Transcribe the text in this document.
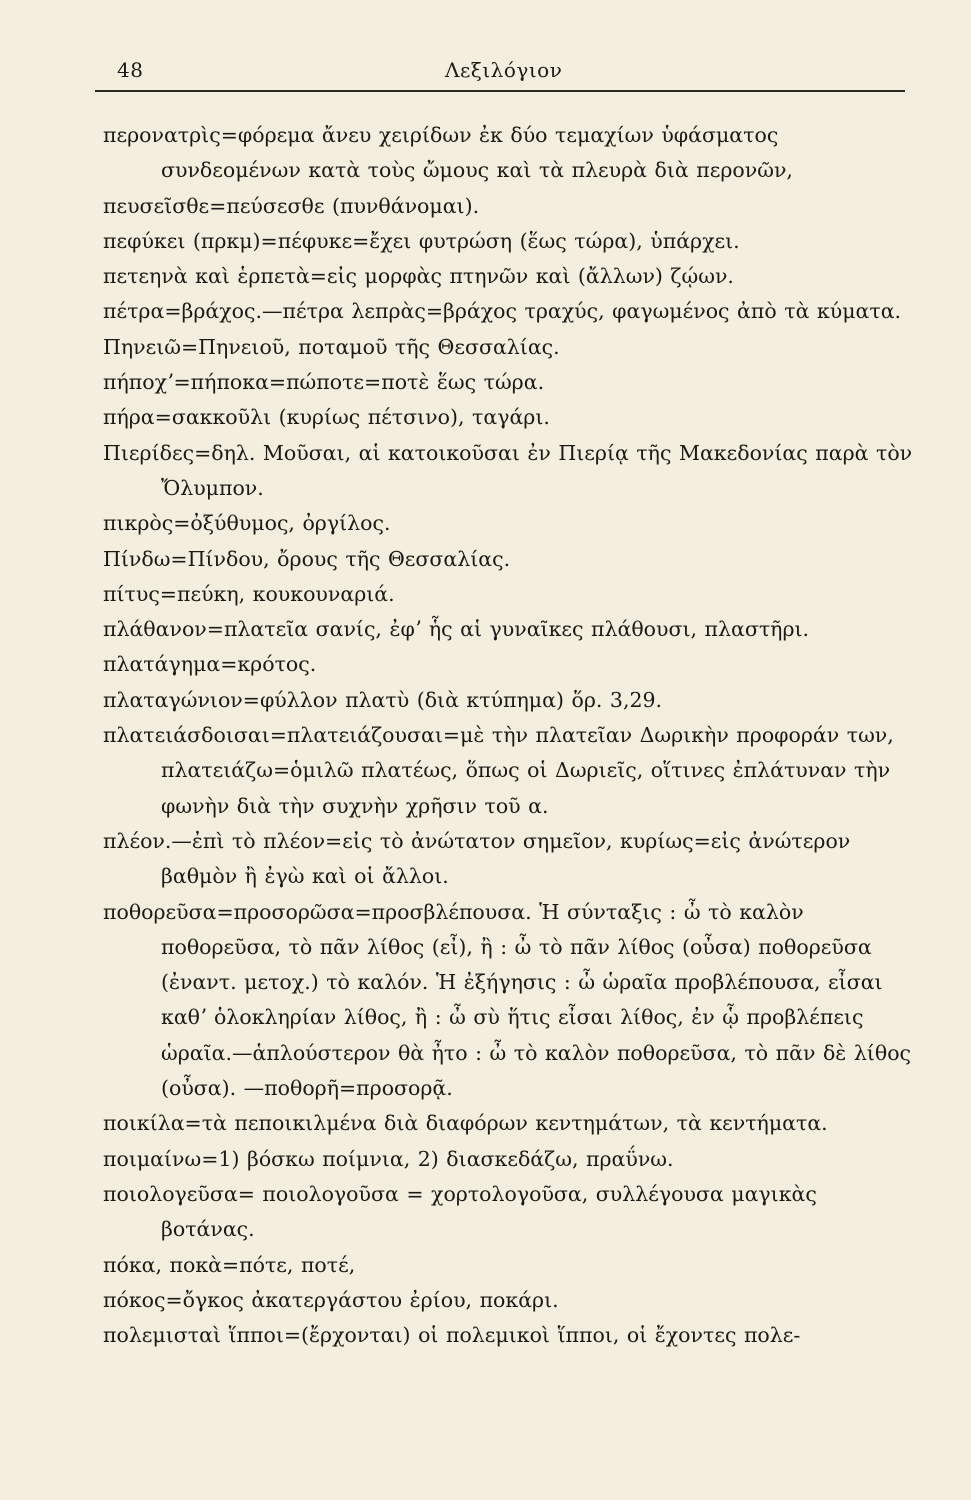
48	Λεξιλόγιον

περονατρὶς=φόρεμα ἄνευ χειρίδων ἐκ δύο τεμαχίων ὑφάσματος συνδεομένων κατὰ τοὺς ὤμους καὶ τὰ πλευρὰ διὰ περονῶν,

πευσεῖσθε=πεύσεσθε (πυνθάνομαι).

πεφύκει (πρκμ)=πέφυκε=ἔχει φυτρώση (ἕως τώρα), ὑπάρχει.

πετεηνὰ καὶ ἑρπετὰ=εἰς μορφὰς πτηνῶν καὶ (ἄλλων) ζῴων.

πέτρα=βράχος.—πέτρα λεπρὰς=βράχος τραχύς, φαγωμένος ἀπὸ τὰ κύματα.

Πηνειῶ=Πηνειοῦ, ποταμοῦ τῆς Θεσσαλίας.

πήποχʼ=πήποκα=πώποτε=ποτὲ ἕως τώρα.

πήρα=σακκοῦλι (κυρίως πέτσινο), ταγάρι.

Πιερίδες=δηλ. Μοῦσαι, αἱ κατοικοῦσαι ἐν Πιερίᾳ τῆς Μακεδονίας παρὰ τὸν Ὄλυμπον.

πικρὸς=ὀξύθυμος, ὀργίλος.

Πίνδω=Πίνδου, ὄρους τῆς Θεσσαλίας.

πίτυς=πεύκη, κουκουναριά.

πλάθανον=πλατεῖα σανίς, ἐφʼ ἧς αἱ γυναῖκες πλάθουσι, πλαστῆρι.

πλατάγημα=κρότος.

πλαταγώνιον=φύλλον πλατὺ (διὰ κτύπημα) ὅρ. 3,29.

πλατειάσδοισαι=πλατειάζουσαι=μὲ τὴν πλατεῖαν Δωρικὴν προφοράν των, πλατειάζω=ὁμιλῶ πλατέως, ὅπως οἱ Δωριεῖς, οἵτινες ἐπλάτυναν τὴν φωνὴν διὰ τὴν συχνὴν χρῆσιν τοῦ α.

πλέον.—ἐπὶ τὸ πλέον=εἰς τὸ ἀνώτατον σημεῖον, κυρίως=εἰς ἀνώτερον βαθμὸν ἢ ἐγὼ καὶ οἱ ἄλλοι.

ποθορεῦσα=προσορῶσα=προσβλέπουσα. Ἡ σύνταξις : ὦ τὸ καλὸν ποθορεῦσα, τὸ πᾶν λίθος (εἶ), ἢ : ὦ τὸ πᾶν λίθος (οὖσα) ποθορεῦσα (ἐναντ. μετοχ.) τὸ καλόν. Ἡ ἐξήγησις : ὦ ὡραῖα προβλέπουσα, εἶσαι καθʼ ὁλοκληρίαν λίθος, ἢ : ὦ σὺ ἥτις εἶσαι λίθος, ἐν ᾧ προβλέπεις ὡραῖα.—ἁπλούστερον θὰ ἦτο : ὦ τὸ καλὸν ποθορεῦσα, τὸ πᾶν δὲ λίθος (οὖσα). —ποθορῆ=προσορᾷ.

ποικίλα=τὰ πεποικιλμένα διὰ διαφόρων κεντημάτων, τὰ κεντήματα.

ποιμαίνω=1) βόσκω ποίμνια, 2) διασκεδάζω, πραΰνω.

ποιολογεῦσα= ποιολογοῦσα = χορτολογοῦσα, συλλέγουσα μαγικὰς βοτάνας.

πόκα, ποκὰ=πότε, ποτέ,

πόκος=ὄγκος ἀκατεργάστου ἐρίου, ποκάρι.

πολεμισταὶ ἵπποι=(ἔρχονται) οἱ πολεμικοὶ ἵπποι, οἱ ἔχοντες πολε-
